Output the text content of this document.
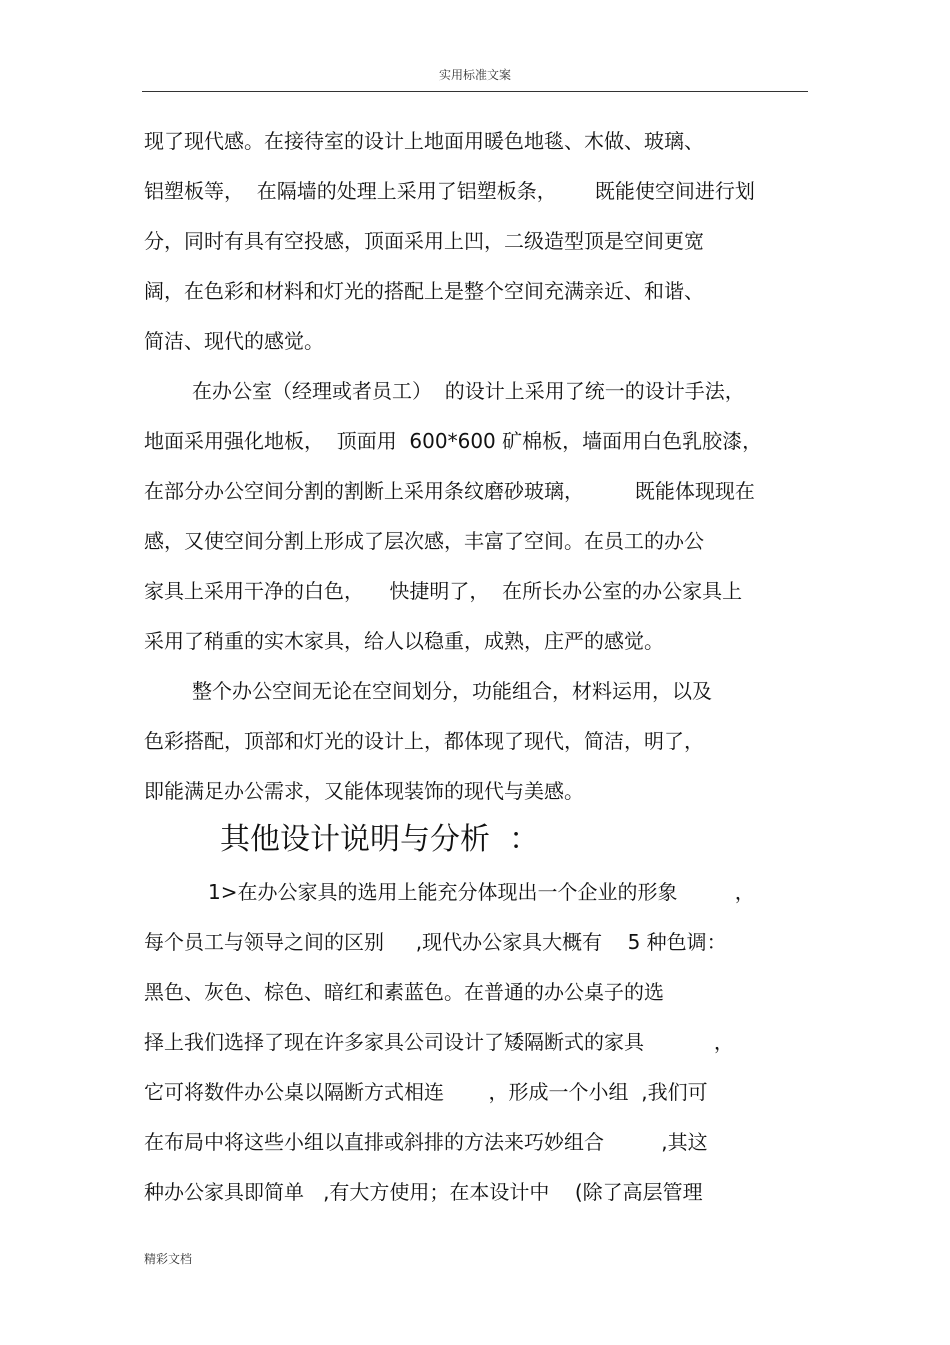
实用标准文案
现了现代感。在接待室的设计上地面用暖色地毯、木做、玻璃、
铝塑板等，  在隔墙的处理上采用了铝塑板条，      既能使空间进行划
分，同时有具有空投感，顶面采用上凹，二级造型顶是空间更宽
阔，在色彩和材料和灯光的搭配上是整个空间充满亲近、和谐、
简洁、现代的感觉。
在办公室（经理或者员工）  的设计上采用了统一的设计手法，
地面采用强化地板，  顶面用  600*600 矿棉板，墙面用白色乳胶漆，
在部分办公空间分割的割断上采用条纹磨砂玻璃，        既能体现现在
感，又使空间分割上形成了层次感，丰富了空间。在员工的办公
家具上采用干净的白色，    快捷明了，  在所长办公室的办公家具上
采用了稍重的实木家具，给人以稳重，成熟，庄严的感觉。
整个办公空间无论在空间划分，功能组合，材料运用，以及
色彩搭配，顶部和灯光的设计上，都体现了现代，简洁，明了，
即能满足办公需求，又能体现装饰的现代与美感。
其他设计说明与分析  ：
1>在办公家具的选用上能充分体现出一个企业的形象         ，
每个员工与领导之间的区别     ,现代办公家具大概有    5 种色调：
黑色、灰色、棕色、暗红和素蓝色。在普通的办公桌子的选
择上我们选择了现在许多家具公司设计了矮隔断式的家具           ，
它可将数件办公桌以隔断方式相连       ，形成一个小组  ,我们可
在布局中将这些小组以直排或斜排的方法来巧妙组合         ,其这
种办公家具即简单   ,有大方使用；在本设计中    (除了高层管理
精彩文档
